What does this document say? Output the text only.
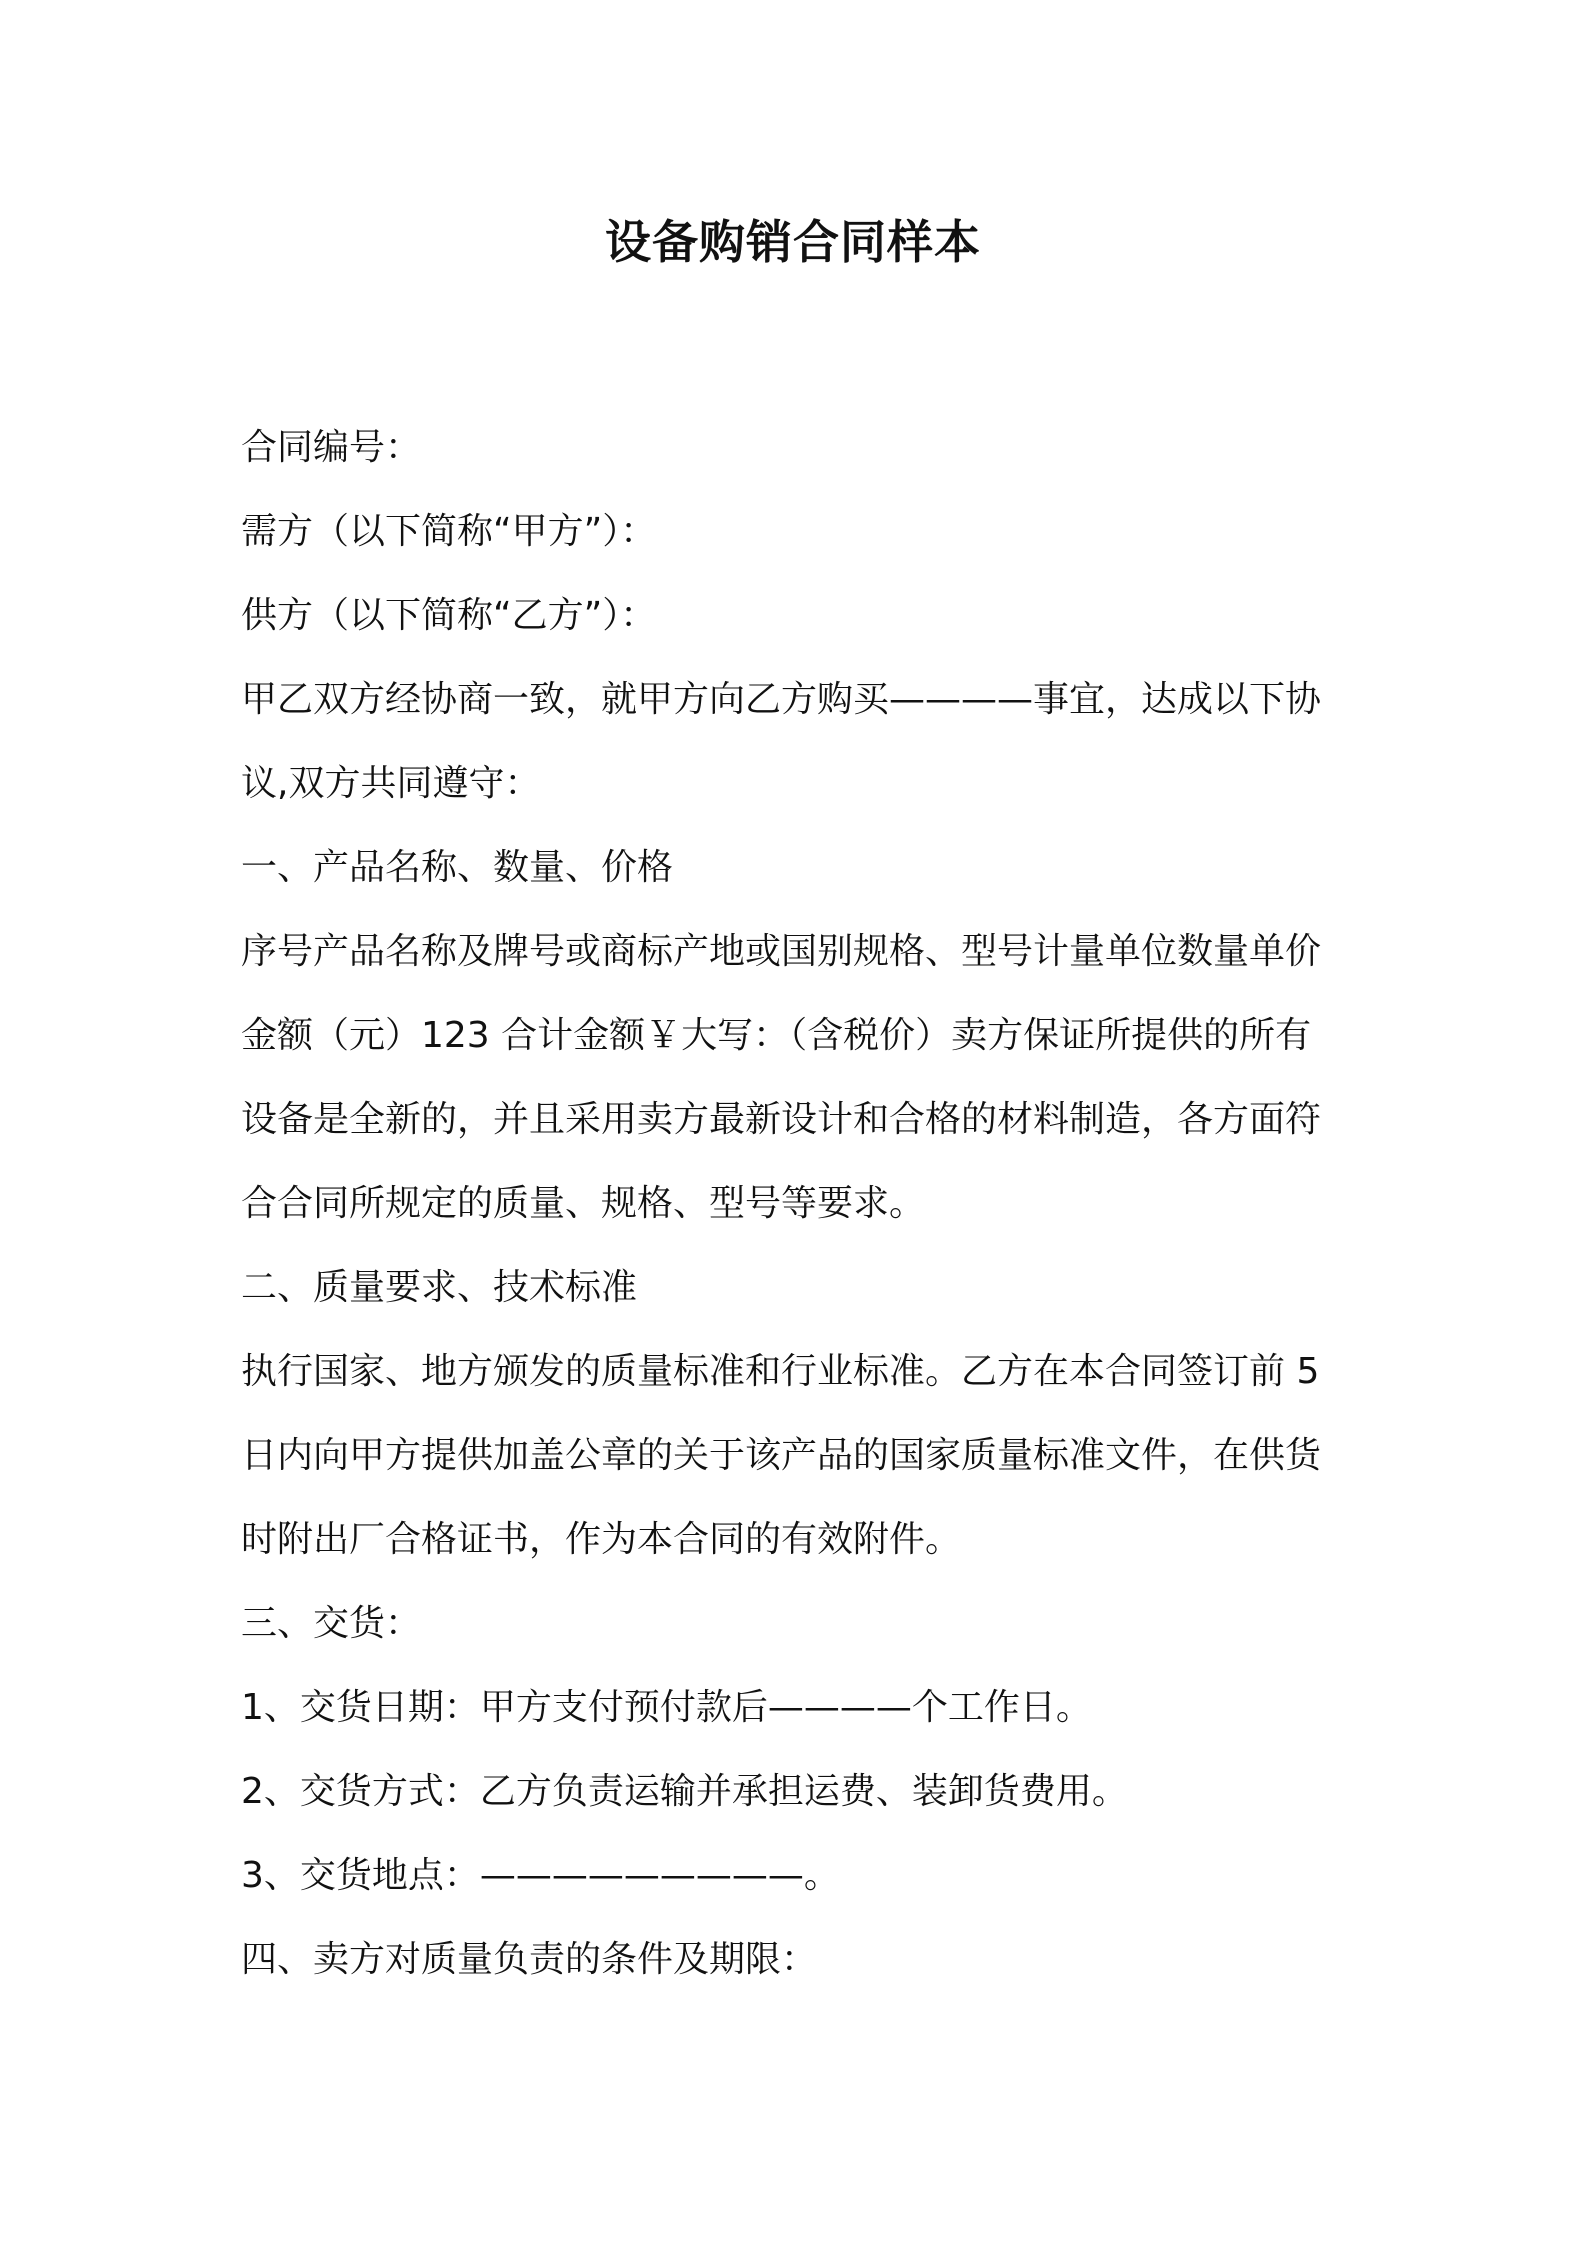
设备购销合同样本

合同编号：

需方（以下简称“甲方”）：

供方（以下简称“乙方”）：

甲乙双方经协商一致，就甲方向乙方购买————事宜，达成以下协

议,双方共同遵守：

一、产品名称、数量、价格

序号产品名称及牌号或商标产地或国别规格、型号计量单位数量单价

金额（元）123 合计金额￥大写：（含税价）卖方保证所提供的所有

设备是全新的，并且采用卖方最新设计和合格的材料制造，各方面符

合合同所规定的质量、规格、型号等要求。

二、质量要求、技术标准

执行国家、地方颁发的质量标准和行业标准。乙方在本合同签订前 5

日内向甲方提供加盖公章的关于该产品的国家质量标准文件，在供货

时附出厂合格证书，作为本合同的有效附件。

三、交货：

1、交货日期：甲方支付预付款后————个工作日。

2、交货方式：乙方负责运输并承担运费、装卸货费用。

3、交货地点：—————————。

四、卖方对质量负责的条件及期限：
